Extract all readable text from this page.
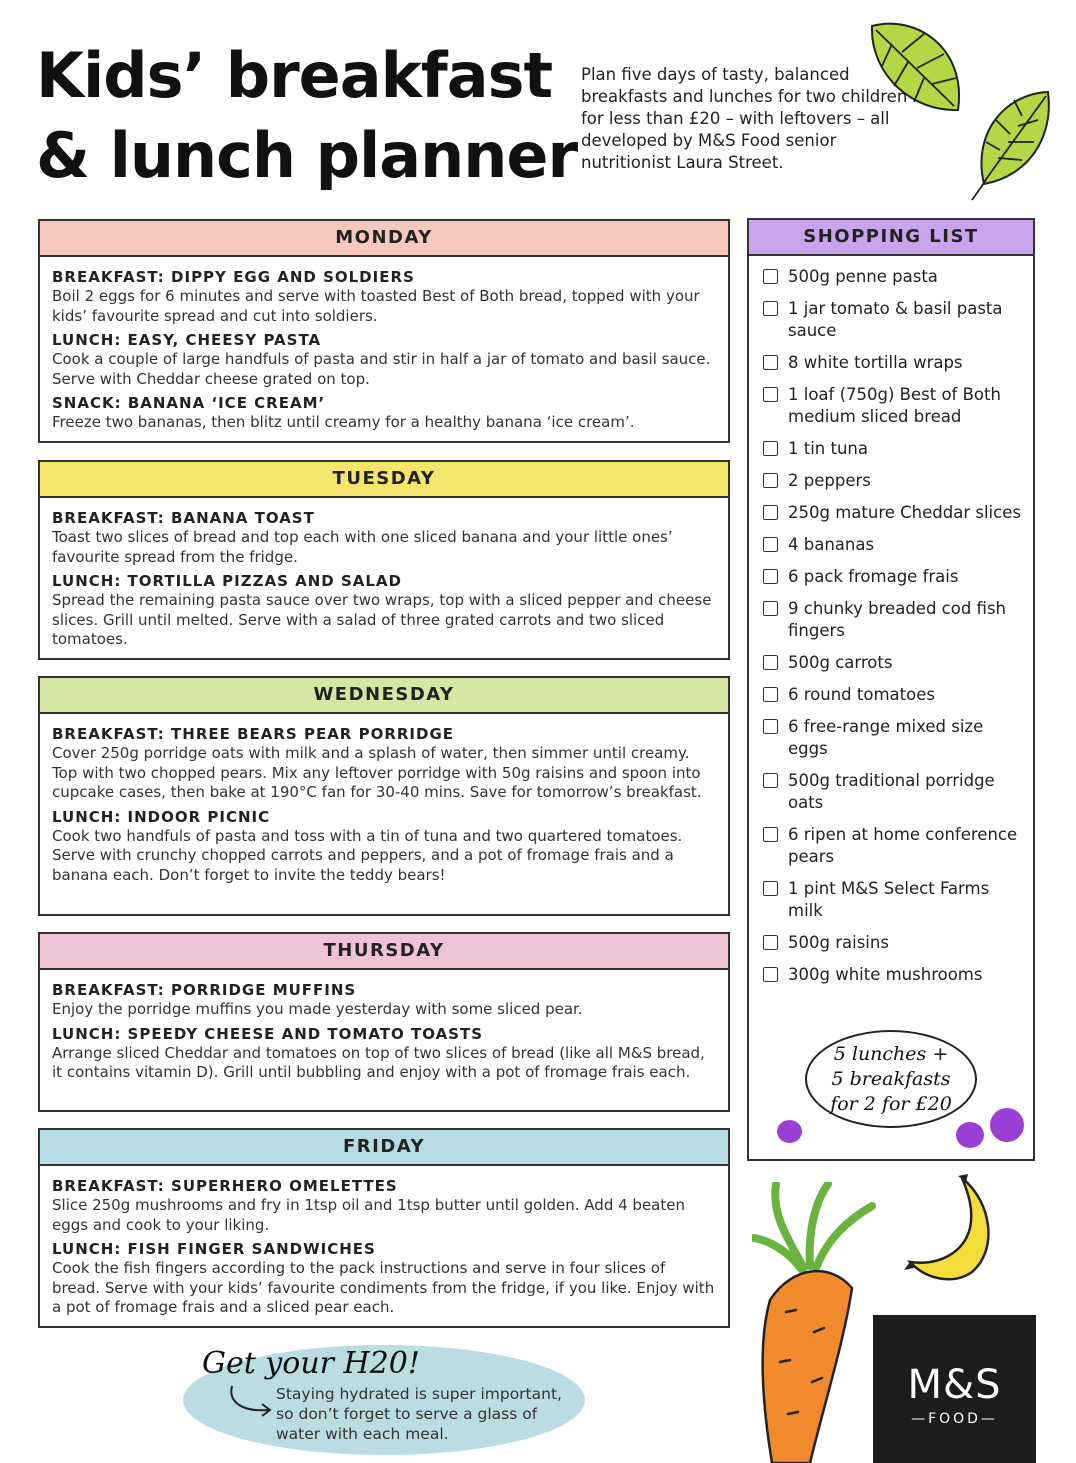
Kids’ breakfast
& lunch planner
Plan five days of tasty, balanced breakfasts and lunches for two children for less than £20 – with leftovers – all developed by M&S Food senior nutritionist Laura Street.
MONDAY
BREAKFAST: DIPPY EGG AND SOLDIERS
Boil 2 eggs for 6 minutes and serve with toasted Best of Both bread, topped with your kids’ favourite spread and cut into soldiers.
LUNCH: EASY, CHEESY PASTA
Cook a couple of large handfuls of pasta and stir in half a jar of tomato and basil sauce. Serve with Cheddar cheese grated on top.
SNACK: BANANA ‘ICE CREAM’
Freeze two bananas, then blitz until creamy for a healthy banana ‘ice cream’.
TUESDAY
BREAKFAST: BANANA TOAST
Toast two slices of bread and top each with one sliced banana and your little ones’ favourite spread from the fridge.
LUNCH: TORTILLA PIZZAS AND SALAD
Spread the remaining pasta sauce over two wraps, top with a sliced pepper and cheese slices. Grill until melted. Serve with a salad of three grated carrots and two sliced tomatoes.
WEDNESDAY
BREAKFAST: THREE BEARS PEAR PORRIDGE
Cover 250g porridge oats with milk and a splash of water, then simmer until creamy. Top with two chopped pears. Mix any leftover porridge with 50g raisins and spoon into cupcake cases, then bake at 190°C fan for 30-40 mins. Save for tomorrow’s breakfast.
LUNCH: INDOOR PICNIC
Cook two handfuls of pasta and toss with a tin of tuna and two quartered tomatoes. Serve with crunchy chopped carrots and peppers, and a pot of fromage frais and a banana each. Don’t forget to invite the teddy bears!
THURSDAY
BREAKFAST: PORRIDGE MUFFINS
Enjoy the porridge muffins you made yesterday with some sliced pear.
LUNCH: SPEEDY CHEESE AND TOMATO TOASTS
Arrange sliced Cheddar and tomatoes on top of two slices of bread (like all M&S bread, it contains vitamin D). Grill until bubbling and enjoy with a pot of fromage frais each.
FRIDAY
BREAKFAST: SUPERHERO OMELETTES
Slice 250g mushrooms and fry in 1tsp oil and 1tsp butter until golden. Add 4 beaten eggs and cook to your liking.
LUNCH: FISH FINGER SANDWICHES
Cook the fish fingers according to the pack instructions and serve in four slices of bread. Serve with your kids’ favourite condiments from the fridge, if you like. Enjoy with a pot of fromage frais and a sliced pear each.
SHOPPING LIST
500g penne pasta
1 jar tomato & basil pasta sauce
8 white tortilla wraps
1 loaf (750g) Best of Both medium sliced bread
1 tin tuna
2 peppers
250g mature Cheddar slices
4 bananas
6 pack fromage frais
9 chunky breaded cod fish fingers
500g carrots
6 round tomatoes
6 free-range mixed size eggs
500g traditional porridge oats
6 ripen at home conference pears
1 pint M&S Select Farms milk
500g raisins
300g white mushrooms
5 lunches +
5 breakfasts
for 2 for £20
Get your H20!
Staying hydrated is super important, so don’t forget to serve a glass of water with each meal.
M&S
—FOOD—
